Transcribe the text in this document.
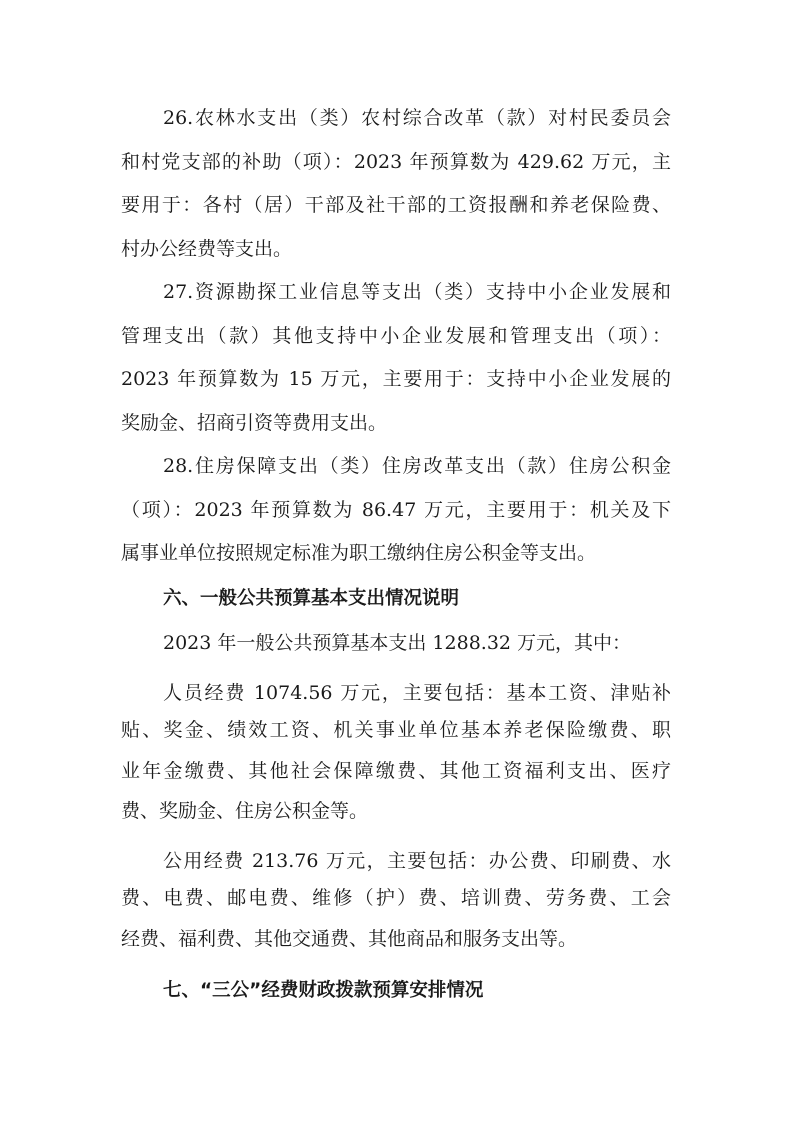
26.农林水支出（类）农村综合改革（款）对村民委员会
和村党支部的补助（项）：2023 年预算数为 429.62 万元，主
要用于：各村（居）干部及社干部的工资报酬和养老保险费、
村办公经费等支出。
27.资源勘探工业信息等支出（类）支持中小企业发展和
管理支出（款）其他支持中小企业发展和管理支出（项）：
2023 年预算数为 15 万元，主要用于：支持中小企业发展的
奖励金、招商引资等费用支出。
28.住房保障支出（类）住房改革支出（款）住房公积金
（项）：2023 年预算数为 86.47 万元，主要用于：机关及下
属事业单位按照规定标准为职工缴纳住房公积金等支出。
六、一般公共预算基本支出情况说明
2023 年一般公共预算基本支出 1288.32 万元，其中：
人员经费 1074.56 万元，主要包括：基本工资、津贴补
贴、奖金、绩效工资、机关事业单位基本养老保险缴费、职
业年金缴费、其他社会保障缴费、其他工资福利支出、医疗
费、奖励金、住房公积金等。
公用经费 213.76 万元，主要包括：办公费、印刷费、水
费、电费、邮电费、维修（护）费、培训费、劳务费、工会
经费、福利费、其他交通费、其他商品和服务支出等。
七、“三公”经费财政拨款预算安排情况
